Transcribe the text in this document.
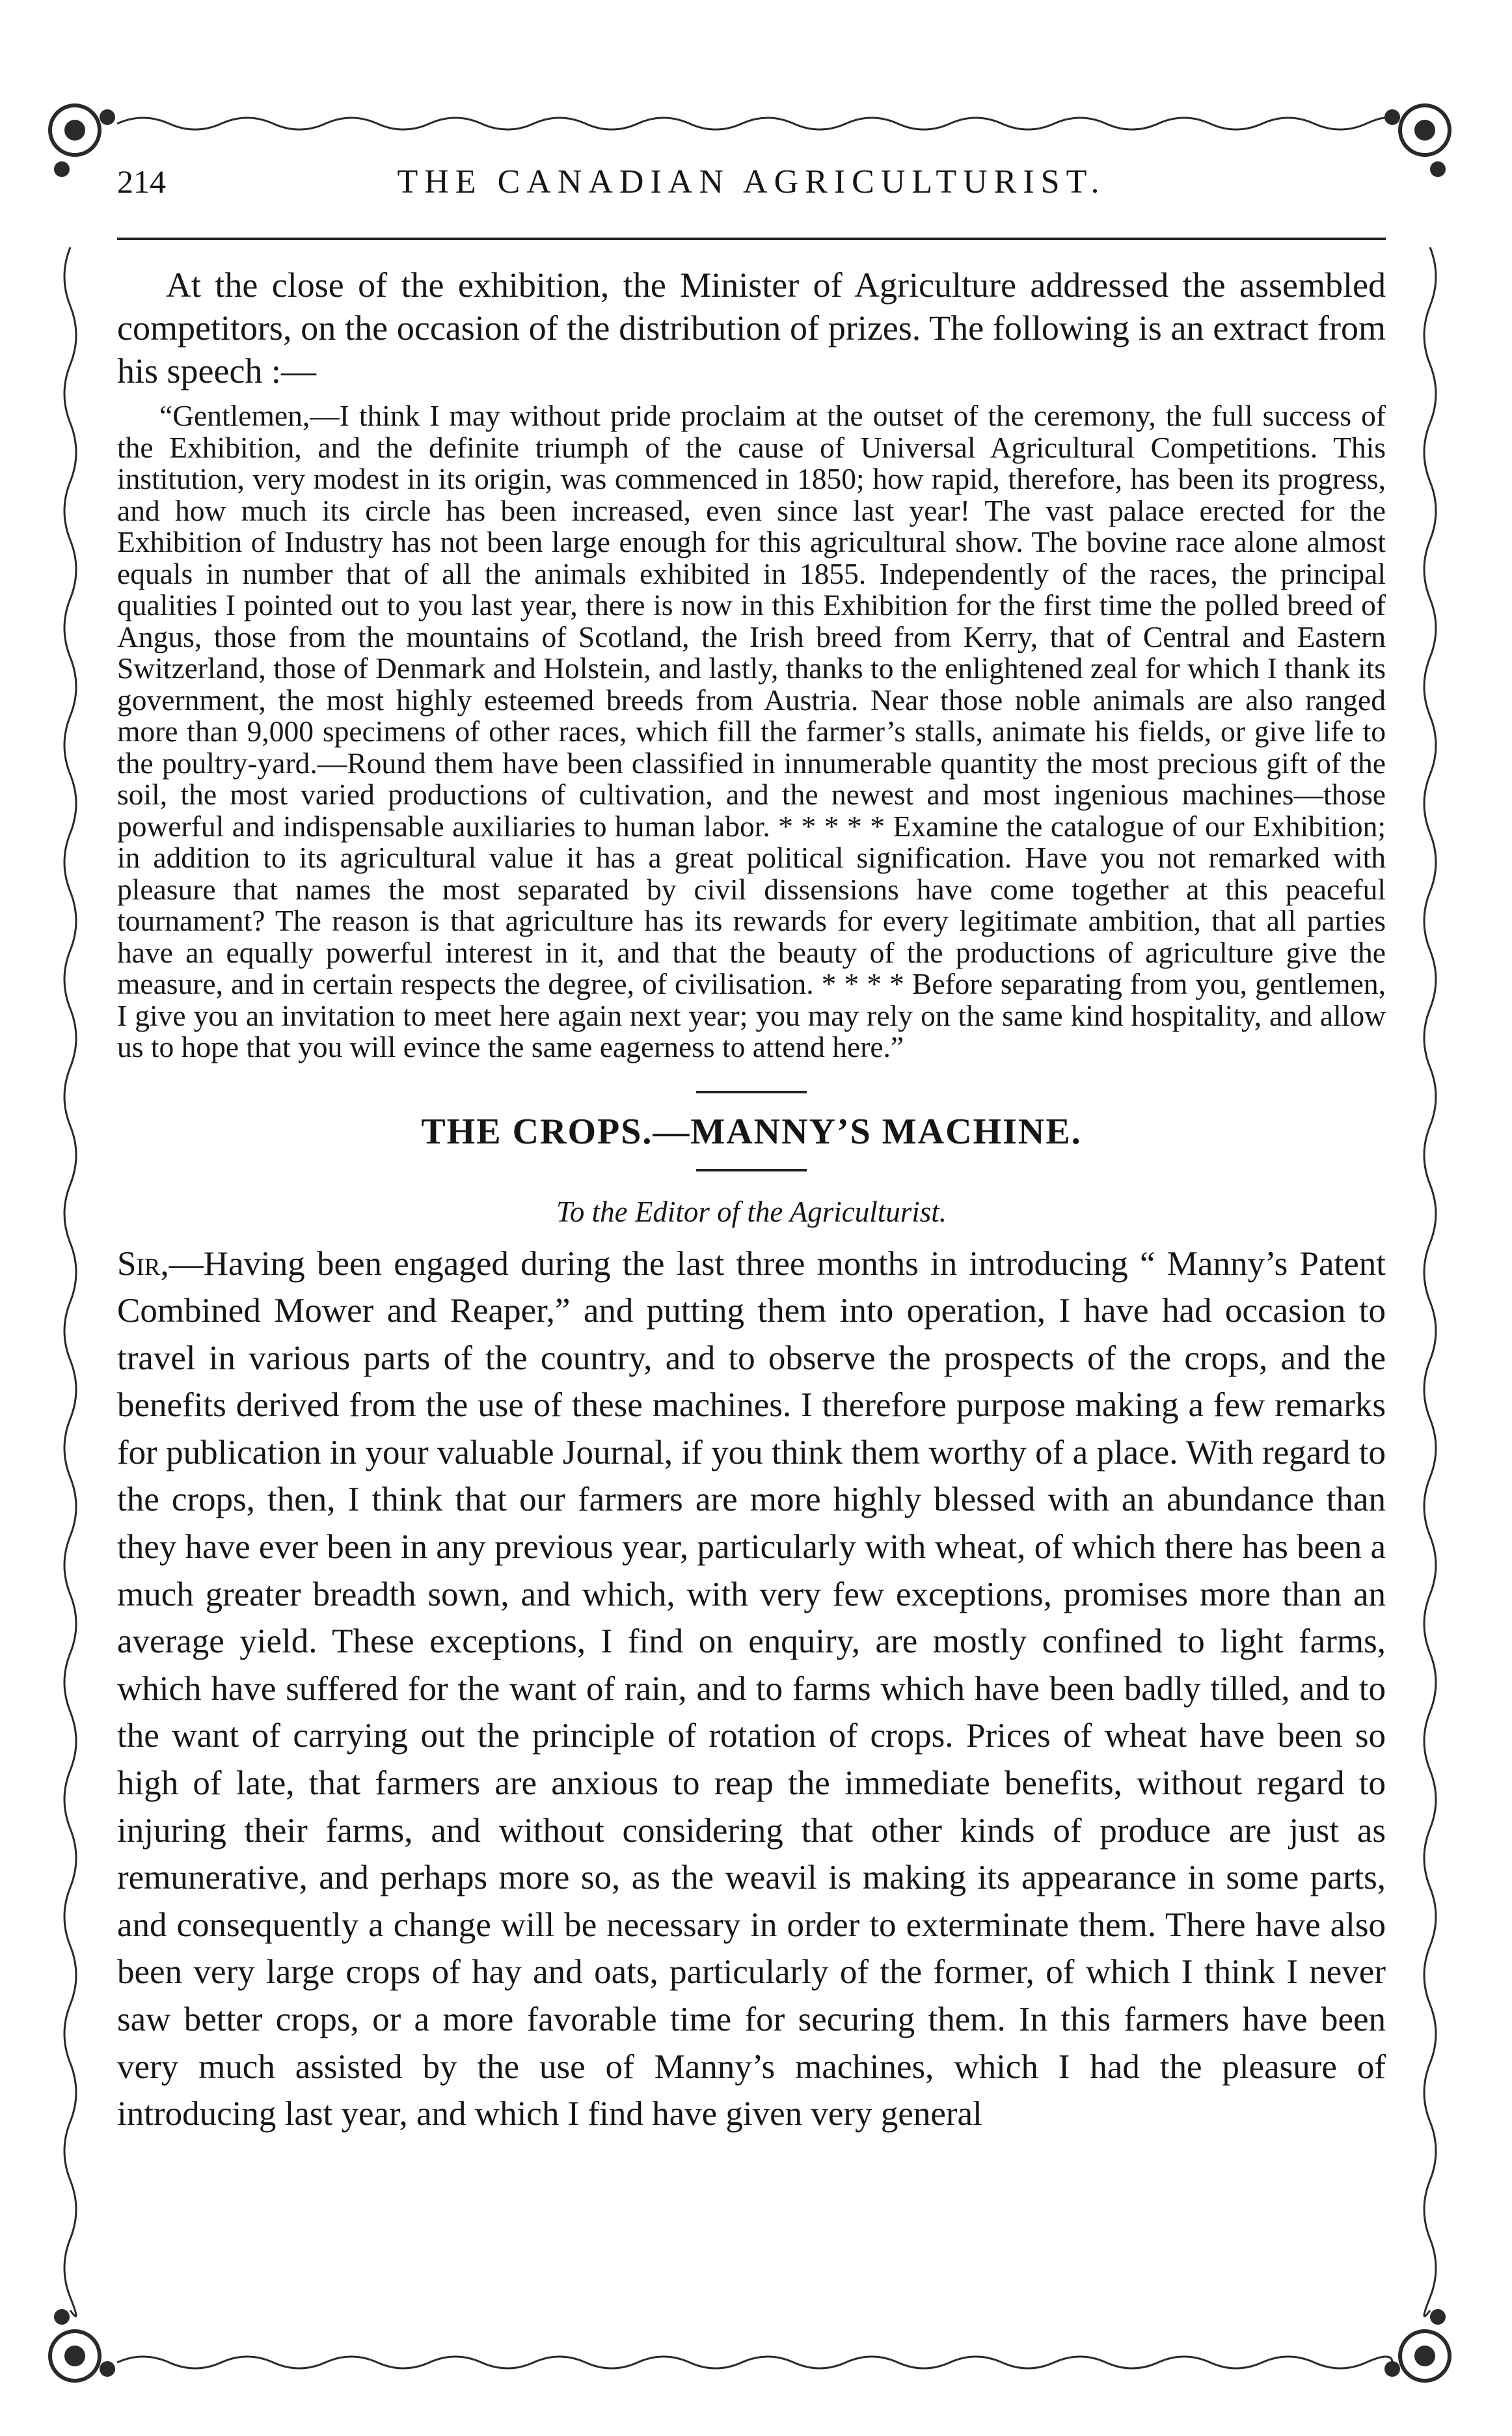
214	THE CANADIAN AGRICULTURIST.

At the close of the exhibition, the Minister of Agriculture addressed the assembled competitors, on the occasion of the distribution of prizes. The following is an extract from his speech :—

“Gentlemen,—I think I may without pride proclaim at the outset of the ceremony, the full success of the Exhibition, and the definite triumph of the cause of Universal Agricultural Competitions. This institution, very modest in its origin, was commenced in 1850; how rapid, therefore, has been its progress, and how much its circle has been increased, even since last year! The vast palace erected for the Exhibition of Industry has not been large enough for this agricultural show. The bovine race alone almost equals in number that of all the animals exhibited in 1855. Independently of the races, the principal qualities I pointed out to you last year, there is now in this Exhibition for the first time the polled breed of Angus, those from the mountains of Scotland, the Irish breed from Kerry, that of Central and Eastern Switzerland, those of Denmark and Holstein, and lastly, thanks to the enlightened zeal for which I thank its government, the most highly esteemed breeds from Austria. Near those noble animals are also ranged more than 9,000 specimens of other races, which fill the farmer’s stalls, animate his fields, or give life to the poultry-yard.—Round them have been classified in innumerable quantity the most precious gift of the soil, the most varied productions of cultivation, and the newest and most ingenious machines—those powerful and indispensable auxiliaries to human labor. * * * * * Examine the catalogue of our Exhibition; in addition to its agricultural value it has a great political signification. Have you not remarked with pleasure that names the most separated by civil dissensions have come together at this peaceful tournament? The reason is that agriculture has its rewards for every legitimate ambition, that all parties have an equally powerful interest in it, and that the beauty of the productions of agriculture give the measure, and in certain respects the degree, of civilisation. * * * * Before separating from you, gentlemen, I give you an invitation to meet here again next year; you may rely on the same kind hospitality, and allow us to hope that you will evince the same eagerness to attend here.”

THE CROPS.—MANNY’S MACHINE.

To the Editor of the Agriculturist.

Sir,—Having been engaged during the last three months in introducing “ Manny’s Patent Combined Mower and Reaper,” and putting them into operation, I have had occasion to travel in various parts of the country, and to observe the prospects of the crops, and the benefits derived from the use of these machines. I therefore purpose making a few remarks for publication in your valuable Journal, if you think them worthy of a place. With regard to the crops, then, I think that our farmers are more highly blessed with an abundance than they have ever been in any previous year, particularly with wheat, of which there has been a much greater breadth sown, and which, with very few exceptions, promises more than an average yield. These exceptions, I find on enquiry, are mostly confined to light farms, which have suffered for the want of rain, and to farms which have been badly tilled, and to the want of carrying out the principle of rotation of crops. Prices of wheat have been so high of late, that farmers are anxious to reap the immediate benefits, without regard to injuring their farms, and without considering that other kinds of produce are just as remunerative, and perhaps more so, as the weavil is making its appearance in some parts, and consequently a change will be necessary in order to exterminate them. There have also been very large crops of hay and oats, particularly of the former, of which I think I never saw better crops, or a more favorable time for securing them. In this farmers have been very much assisted by the use of Manny’s machines, which I had the pleasure of introducing last year, and which I find have given very general
